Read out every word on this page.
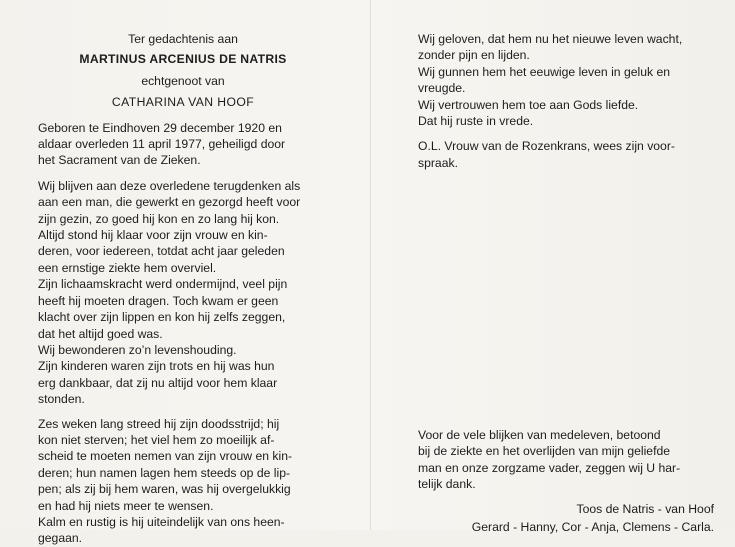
Ter gedachtenis aan
MARTINUS ARCENIUS DE NATRIS
echtgenoot van
CATHARINA VAN HOOF
Geboren te Eindhoven 29 december 1920 en
aldaar overleden 11 april 1977, geheiligd door
het Sacrament van de Zieken.
Wij blijven aan deze overledene terugdenken als
aan een man, die gewerkt en gezorgd heeft voor
zijn gezin, zo goed hij kon en zo lang hij kon.
Altijd stond hij klaar voor zijn vrouw en kin-
deren, voor iedereen, totdat acht jaar geleden
een ernstige ziekte hem overviel.
Zijn lichaamskracht werd ondermijnd, veel pijn
heeft hij moeten dragen. Toch kwam er geen
klacht over zijn lippen en kon hij zelfs zeggen,
dat het altijd goed was.
Wij bewonderen zo’n levenshouding.
Zijn kinderen waren zijn trots en hij was hun
erg dankbaar, dat zij nu altijd voor hem klaar
stonden.
Zes weken lang streed hij zijn doodsstrijd; hij
kon niet sterven; het viel hem zo moeilijk af-
scheid te moeten nemen van zijn vrouw en kin-
deren; hun namen lagen hem steeds op de lip-
pen; als zij bij hem waren, was hij overgelukkig
en had hij niets meer te wensen.
Kalm en rustig is hij uiteindelijk van ons heen-
gegaan.
Wij geloven, dat hem nu het nieuwe leven wacht,
zonder pijn en lijden.
Wij gunnen hem het eeuwige leven in geluk en
vreugde.
Wij vertrouwen hem toe aan Gods liefde.
Dat hij ruste in vrede.
O.L. Vrouw van de Rozenkrans, wees zijn voor-
spraak.
Voor de vele blijken van medeleven, betoond
bij de ziekte en het overlijden van mijn geliefde
man en onze zorgzame vader, zeggen wij U har-
telijk dank.
Toos de Natris - van Hoof
Gerard - Hanny, Cor - Anja, Clemens - Carla.
